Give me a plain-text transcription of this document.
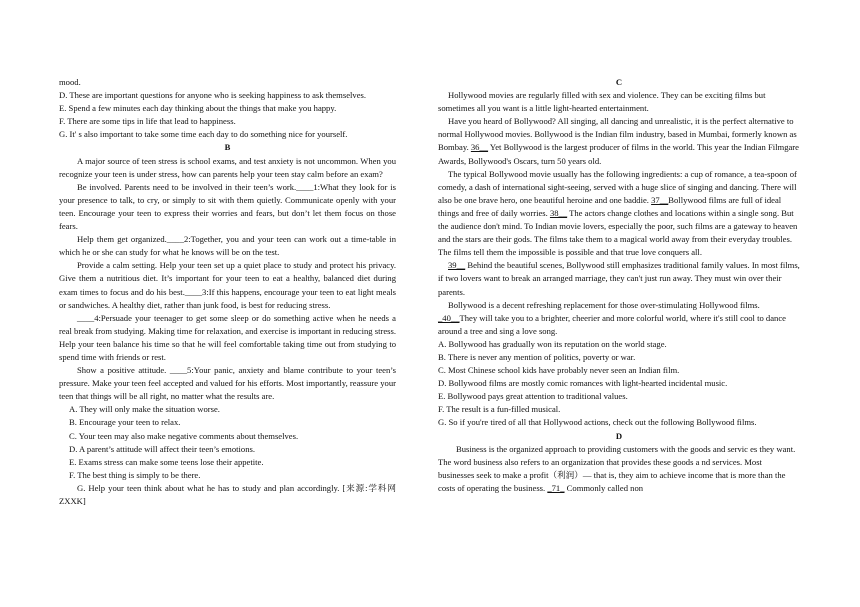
mood.

D. These are important questions for anyone who is seeking happiness to ask themselves.

E. Spend a few minutes each day thinking about the things that make you happy.

F. There are some tips in life that lead to happiness.

G. It' s also important to take some time each day to do something nice for yourself.

B

A major source of teen stress is school exams, and test anxiety is not uncommon. When you recognize your teen is under stress, how can parents help your teen stay calm before an exam?

Be involved. Parents need to be involved in their teen’s work.____1:What they look for is your presence to talk, to cry, or simply to sit with them quietly. Communicate openly with your teen. Encourage your teen to express their worries and fears, but don’t let them focus on those fears.

Help them get organized.____2:Together, you and your teen can work out a time-table in which he or she can study for what he knows will be on the test.

Provide a calm setting. Help your teen set up a quiet place to study and protect his privacy. Give them a nutritious diet. It’s important for your teen to eat a healthy, balanced diet during exam times to focus and do his best.____3:If this happens, encourage your teen to eat light meals or sandwiches. A healthy diet, rather than junk food, is best for reducing stress.

____4:Persuade your teenager to get some sleep or do something active when he needs a real break from studying. Making time for relaxation, and exercise is important in reducing stress. Help your teen balance his time so that he will feel comfortable taking time out from studying to spend time with friends or rest.

Show a positive attitude. ____5:Your panic, anxiety and blame contribute to your teen’s pressure. Make your teen feel accepted and valued for his efforts. Most importantly, reassure your teen that things will be all right, no matter what the results are.

A. They will only make the situation worse.

B. Encourage your teen to relax.

C. Your teen may also make negative comments about themselves.

D. A parent’s attitude will affect their teen’s emotions.

E. Exams stress can make some teens lose their appetite.

F. The best thing is simply to be there.

G. Help your teen think about what he has to study and plan accordingly. [来源:学科网ZXXK]

C

Hollywood movies are regularly filled with sex and violence. They can be exciting films but sometimes all you want is a little light-hearted entertainment.

Have you heard of Bollywood? All singing, all dancing and unrealistic, it is the perfect alternative to normal Hollywood movies. Bollywood is the Indian film industry, based in Mumbai, formerly known as Bombay. 36__ Yet Bollywood is the largest producer of films in the world. This year the Indian Filmgare Awards, Bollywood's Oscars, turn 50 years old.

The typical Bollywood movie usually has the following ingredients: a cup of romance, a tea-spoon of comedy, a dash of international sight-seeing, served with a huge slice of singing and dancing. There will also be one brave hero, one beautiful heroine and one baddie. 37__Bollywood films are full of ideal things and free of daily worries. 38__ The actors change clothes and locations within a single song. But the audience don't mind. To Indian movie lovers, especially the poor, such films are a gateway to heaven and the stars are their gods. The films take them to a magical world away from their everyday troubles. The films tell them the impossible is possible and that true love conquers all.

39__ Behind the beautiful scenes, Bollywood still emphasizes traditional family values. In most films, if two lovers want to break an arranged marriage, they can't just run away. They must win over their parents.

Bollywood is a decent refreshing replacement for those over-stimulating Hollywood films. _40__They will take you to a brighter, cheerier and more colorful world, where it's still cool to dance around a tree and sing a love song.

A. Bollywood has gradually won its reputation on the world stage.

B. There is never any mention of politics, poverty or war.

C. Most Chinese school kids have probably never seen an Indian film.

D. Bollywood films are mostly comic romances with light-hearted incidental music.

E. Bollywood pays great attention to traditional values.

F. The result is a fun-filled musical.

G. So if you're tired of all that Hollywood actions, check out the following Bollywood films.

D

Business is the organized approach to providing customers with the goods and servic es they want. The word business also refers to an organization that provides these goods a nd services. Most businesses seek to make a profit（利润）— that is, they aim to achieve income that is more than the costs of operating the business. _71_ Commonly called non
